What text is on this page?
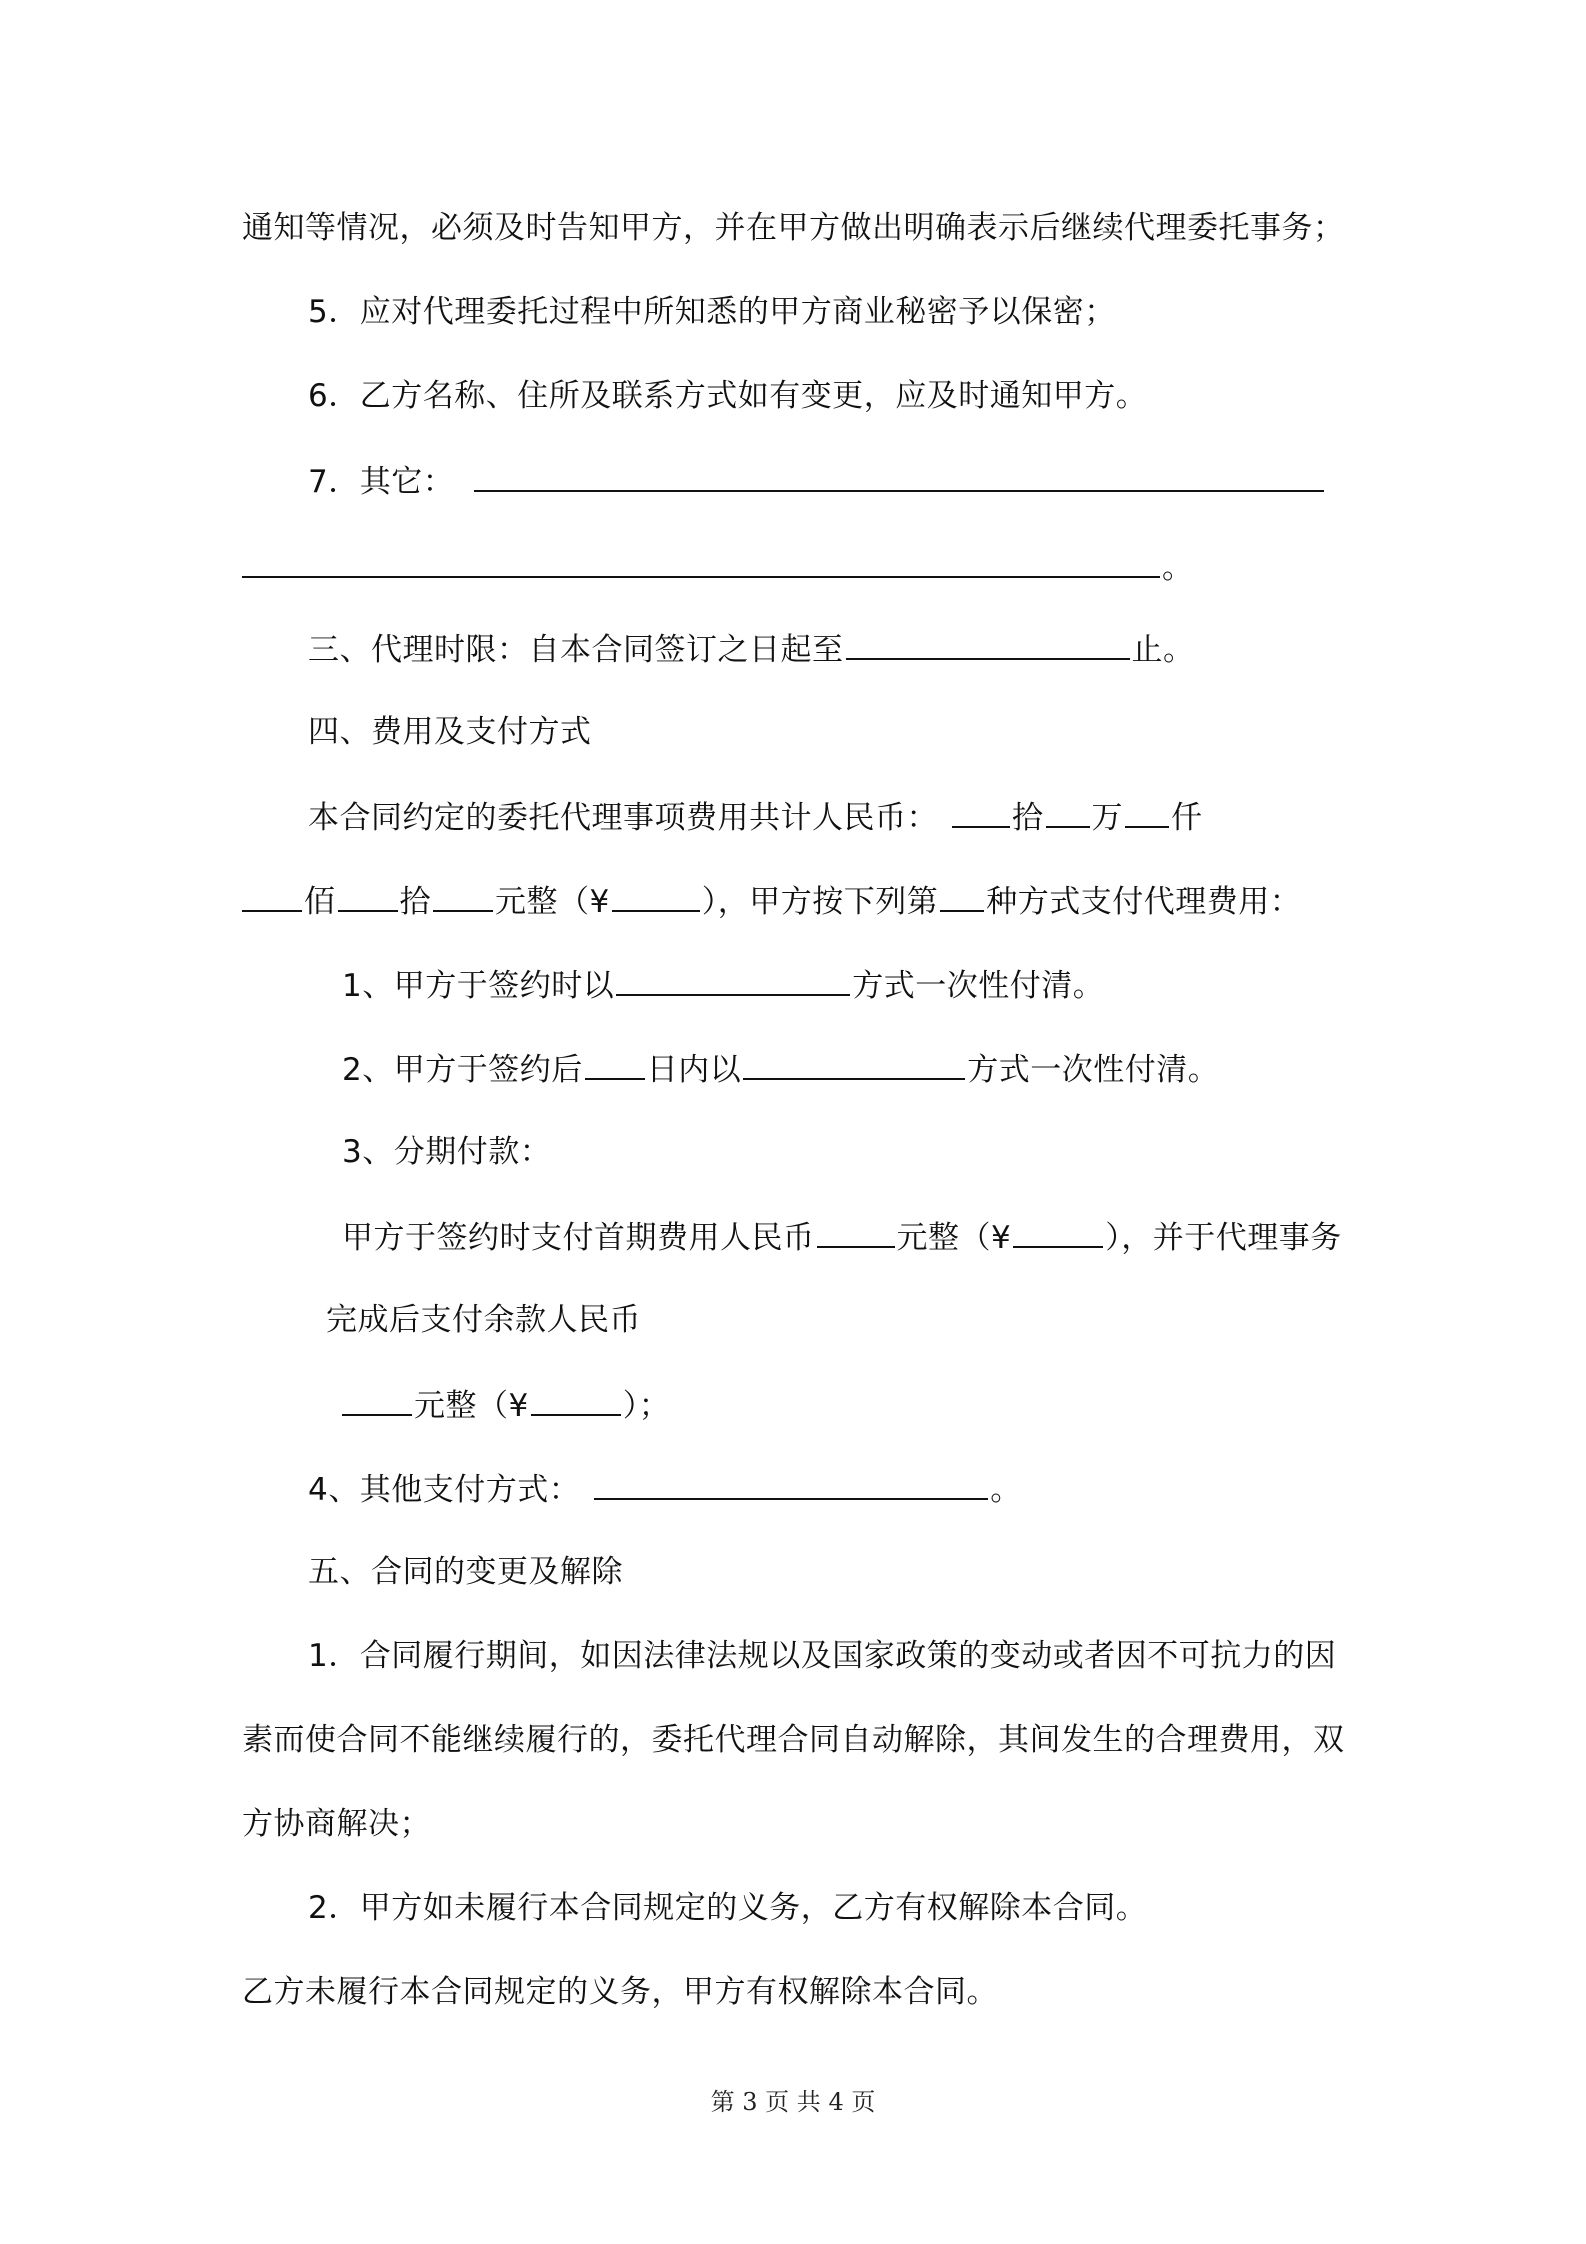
通知等情况，必须及时告知甲方，并在甲方做出明确表示后继续代理委托事务；
5．应对代理委托过程中所知悉的甲方商业秘密予以保密；
6．乙方名称、住所及联系方式如有变更，应及时通知甲方。
7．其它：
。
三、代理时限：自本合同签订之日起至	止。
四、费用及支付方式
本合同约定的委托代理事项费用共计人民币： 拾 万 仟
佰 拾 元整（¥	），甲方按下列第 种方式支付代理费用：
1、甲方于签约时以	方式一次性付清。
2、甲方于签约后 日内以	方式一次性付清。
3、分期付款：
甲方于签约时支付首期费用人民币	元整（¥	），并于代理事务
完成后支付余款人民币
元整（¥	）；
4、其他支付方式：	。
五、合同的变更及解除
1．合同履行期间，如因法律法规以及国家政策的变动或者因不可抗力的因
素而使合同不能继续履行的，委托代理合同自动解除，其间发生的合理费用，双
方协商解决；
2．甲方如未履行本合同规定的义务，乙方有权解除本合同。
乙方未履行本合同规定的义务，甲方有权解除本合同。
第 3 页 共 4 页
